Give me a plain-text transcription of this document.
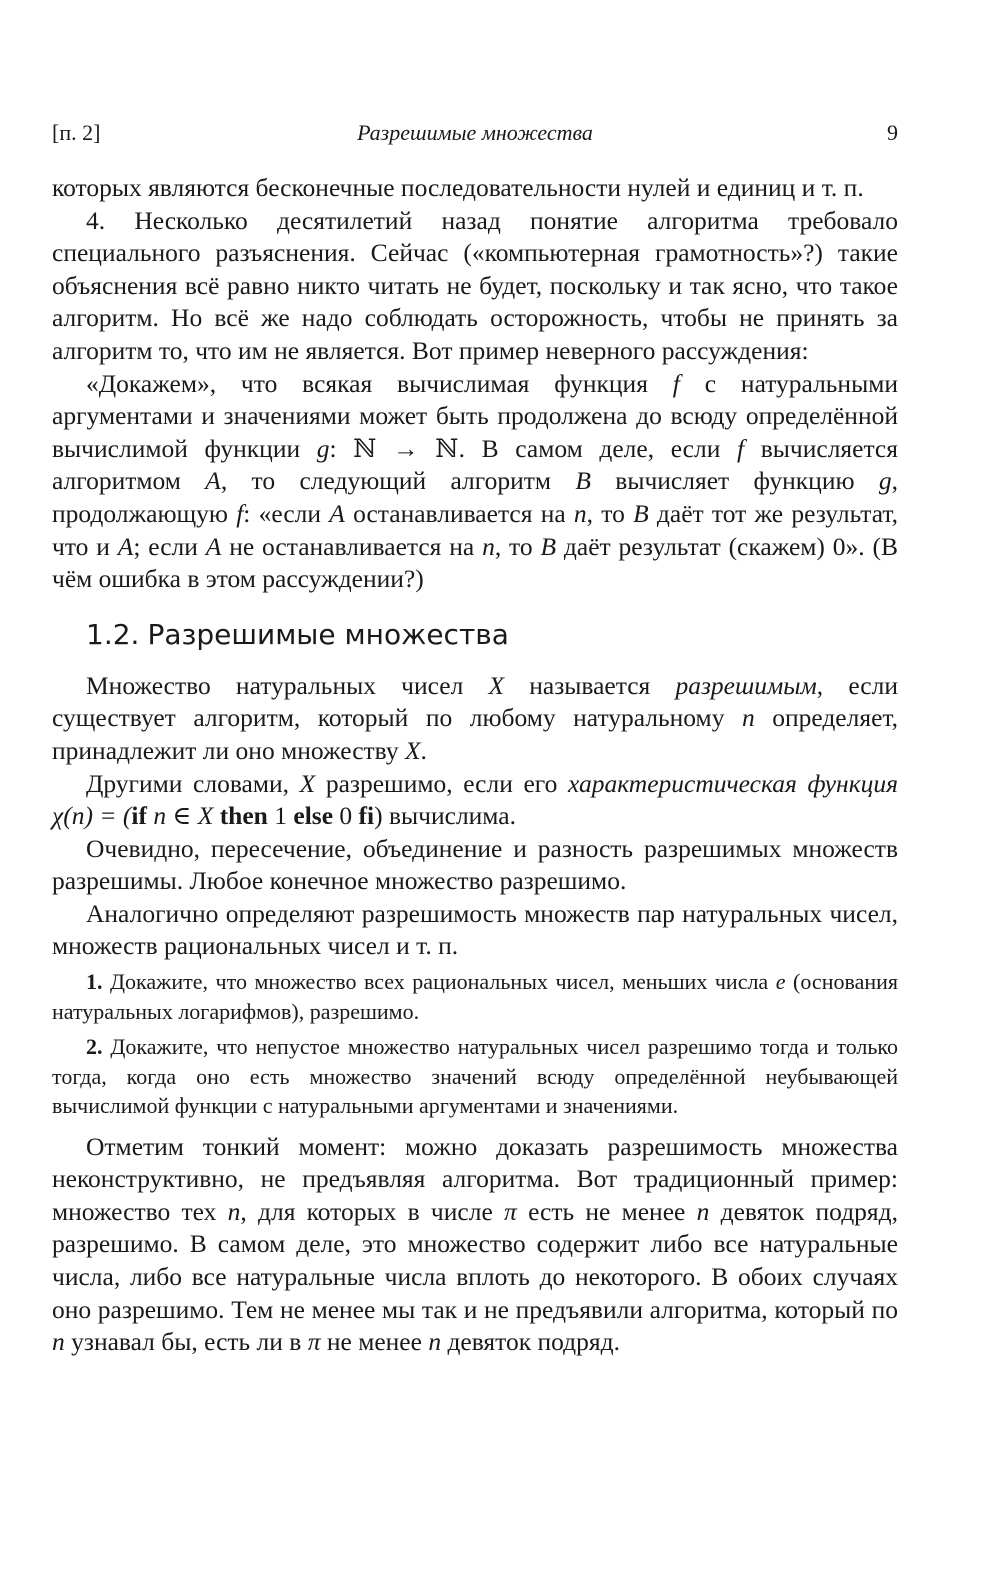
[п. 2]	Разрешимые множества	9

которых являются бесконечные последовательности нулей и единиц и т. п.

4. Несколько десятилетий назад понятие алгоритма требовало специального разъяснения. Сейчас («компьютерная грамотность»?) такие объяснения всё равно никто читать не будет, поскольку и так ясно, что такое алгоритм. Но всё же надо соблюдать осторожность, чтобы не принять за алгоритм то, что им не является. Вот пример неверного рассуждения:

«Докажем», что всякая вычислимая функция f с натуральными аргументами и значениями может быть продолжена до всюду определённой вычислимой функции g: ℕ → ℕ. В самом деле, если f вычисляется алгоритмом A, то следующий алгоритм B вычисляет функцию g, продолжающую f: «если A останавливается на n, то B даёт тот же результат, что и A; если A не останавливается на n, то B даёт результат (скажем) 0». (В чём ошибка в этом рассуждении?)

1.2. Разрешимые множества

Множество натуральных чисел X называется разрешимым, если существует алгоритм, который по любому натуральному n определяет, принадлежит ли оно множеству X.

Другими словами, X разрешимо, если его характеристическая функция χ(n) = (if n ∈ X then 1 else 0 fi) вычислима.

Очевидно, пересечение, объединение и разность разрешимых множеств разрешимы. Любое конечное множество разрешимо.

Аналогично определяют разрешимость множеств пар натуральных чисел, множеств рациональных чисел и т. п.

1. Докажите, что множество всех рациональных чисел, меньших числа e (основания натуральных логарифмов), разрешимо.

2. Докажите, что непустое множество натуральных чисел разрешимо тогда и только тогда, когда оно есть множество значений всюду определённой неубывающей вычислимой функции с натуральными аргументами и значениями.

Отметим тонкий момент: можно доказать разрешимость множества неконструктивно, не предъявляя алгоритма. Вот традиционный пример: множество тех n, для которых в числе π есть не менее n девяток подряд, разрешимо. В самом деле, это множество содержит либо все натуральные числа, либо все натуральные числа вплоть до некоторого. В обоих случаях оно разрешимо. Тем не менее мы так и не предъявили алгоритма, который по n узнавал бы, есть ли в π не менее n девяток подряд.
